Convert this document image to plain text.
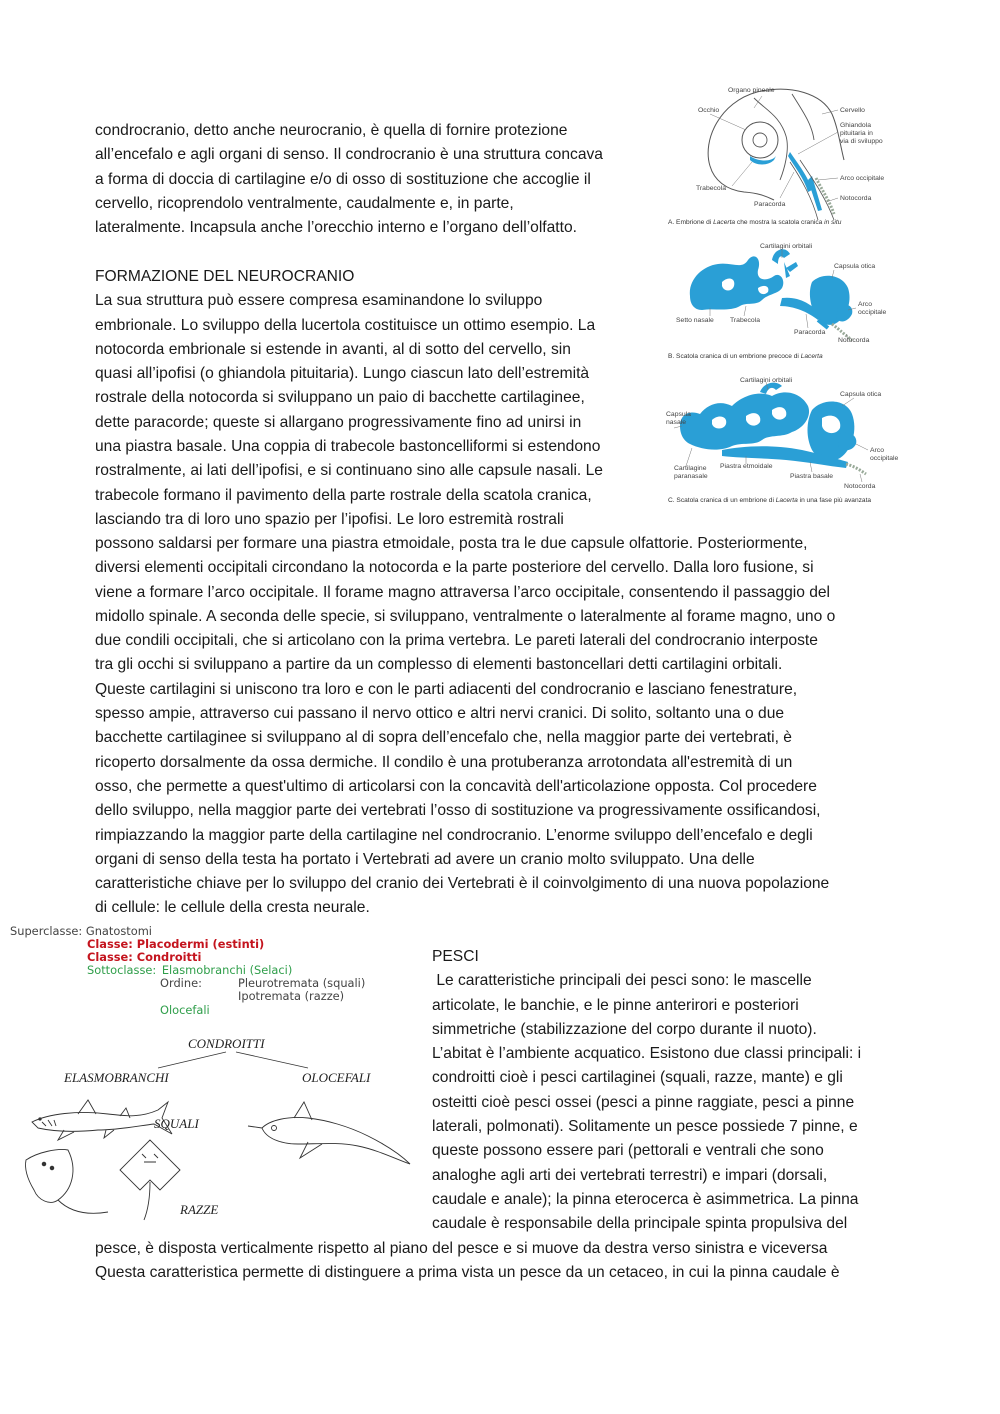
condrocranio, detto anche neurocranio, è quella di fornire protezione

all’encefalo e agli organi di senso. Il condrocranio è una struttura concava

a forma di doccia di cartilagine e/o di osso di sostituzione che accoglie il

cervello, ricoprendolo ventralmente, caudalmente e, in parte,

lateralmente. Incapsula anche l’orecchio interno e l’organo dell’olfatto.

FORMAZIONE DEL NEUROCRANIO

La sua struttura può essere compresa esaminandone lo sviluppo

embrionale. Lo sviluppo della lucertola costituisce un ottimo esempio. La

notocorda embrionale si estende in avanti, al di sotto del cervello, sin

quasi all’ipofisi (o ghiandola pituitaria). Lungo ciascun lato dell’estremità

rostrale della notocorda si sviluppano un paio di bacchette cartilaginee,

dette paracorde; queste si allargano progressivamente fino ad unirsi in

una piastra basale. Una coppia di trabecole bastoncelliformi si estendono

rostralmente, ai lati dell’ipofisi, e si continuano sino alle capsule nasali. Le

trabecole formano il pavimento della parte rostrale della scatola cranica,

lasciando tra di loro uno spazio per l’ipofisi. Le loro estremità rostrali

possono saldarsi per formare una piastra etmoidale, posta tra le due capsule olfattorie. Posteriormente,

diversi elementi occipitali circondano la notocorda e la parte posteriore del cervello. Dalla loro fusione, si

viene a formare l’arco occipitale. Il forame magno attraversa l’arco occipitale, consentendo il passaggio del

midollo spinale. A seconda delle specie, si sviluppano, ventralmente o lateralmente al forame magno, uno o

due condili occipitali, che si articolano con la prima vertebra. Le pareti laterali del condrocranio interposte

tra gli occhi si sviluppano a partire da un complesso di elementi bastoncellari detti cartilagini orbitali.

Queste cartilagini si uniscono tra loro e con le parti adiacenti del condrocranio e lasciano fenestrature,

spesso ampie, attraverso cui passano il nervo ottico e altri nervi cranici. Di solito, soltanto una o due

bacchette cartilaginee si sviluppano al di sopra dell’encefalo che, nella maggior parte dei vertebrati, è

ricoperto dorsalmente da ossa dermiche. Il condilo è una protuberanza arrotondata all'estremità di un

osso, che permette a quest'ultimo di articolarsi con la concavità dell'articolazione opposta. Col procedere

dello sviluppo, nella maggior parte dei vertebrati l’osso di sostituzione va progressivamente ossificandosi,

rimpiazzando la maggior parte della cartilagine nel condrocranio. L’enorme sviluppo dell’encefalo e degli

organi di senso della testa ha portato i Vertebrati ad avere un cranio molto sviluppato. Una delle

caratteristiche chiave per lo sviluppo del cranio dei Vertebrati è il coinvolgimento di una nuova popolazione

di cellule: le cellule della cresta neurale.

PESCI

Le caratteristiche principali dei pesci sono: le mascelle

articolate, le banchie, e le pinne anterirori e posteriori

simmetriche (stabilizzazione del corpo durante il nuoto).

L’abitat è l’ambiente acquatico. Esistono due classi principali: i

condroitti cioè i pesci cartilaginei (squali, razze, mante) e gli

osteitti cioè pesci ossei (pesci a pinne raggiate, pesci a pinne

laterali, polmonati). Solitamente un pesce possiede 7 pinne, e

queste possono essere pari (pettorali e ventrali che sono

analoghe agli arti dei vertebrati terrestri) e impari (dorsali,

caudale e anale); la pinna eterocerca è asimmetrica. La pinna

caudale è responsabile della principale spinta propulsiva del

pesce, è disposta verticalmente rispetto al piano del pesce e si muove da destra verso sinistra e viceversa

Questa caratteristica permette di distinguere a prima vista un pesce da un cetaceo, in cui la pinna caudale è

Organo pineale
Occhio	Cervello
Ghiandola
pituitaria in
via di sviluppo
Arco occipitale
Trabecola
Notocorda
Paracorda
A. Embrione di Lacerta che mostra la scatola cranica in situ
Cartilagini orbitali
Capsula otica
Arco
occipitale
Setto nasale Trabecola
Paracorda
Notocorda
B. Scatola cranica di un embrione precoce di Lacerta
Cartilagini orbitali
Capsula otica
Capsula
nasale
Arco
occipitale
Cartilagine
paranasale
Piastra etmoidale
Piastra basale
Notocorda
C. Scatola cranica di un embrione di Lacerta in una fase più avanzata
Superclasse: Gnatostomi
Classe: Placodermi (estinti)
Classe: Condroitti
Sottoclasse: Elasmobranchi (Selaci)
Ordine:	Pleurotremata (squali)
Ipotremata (razze)
Olocefali
CONDROITTI
ELASMOBRANCHI	OLOCEFALI
SQUALI
RAZZE
